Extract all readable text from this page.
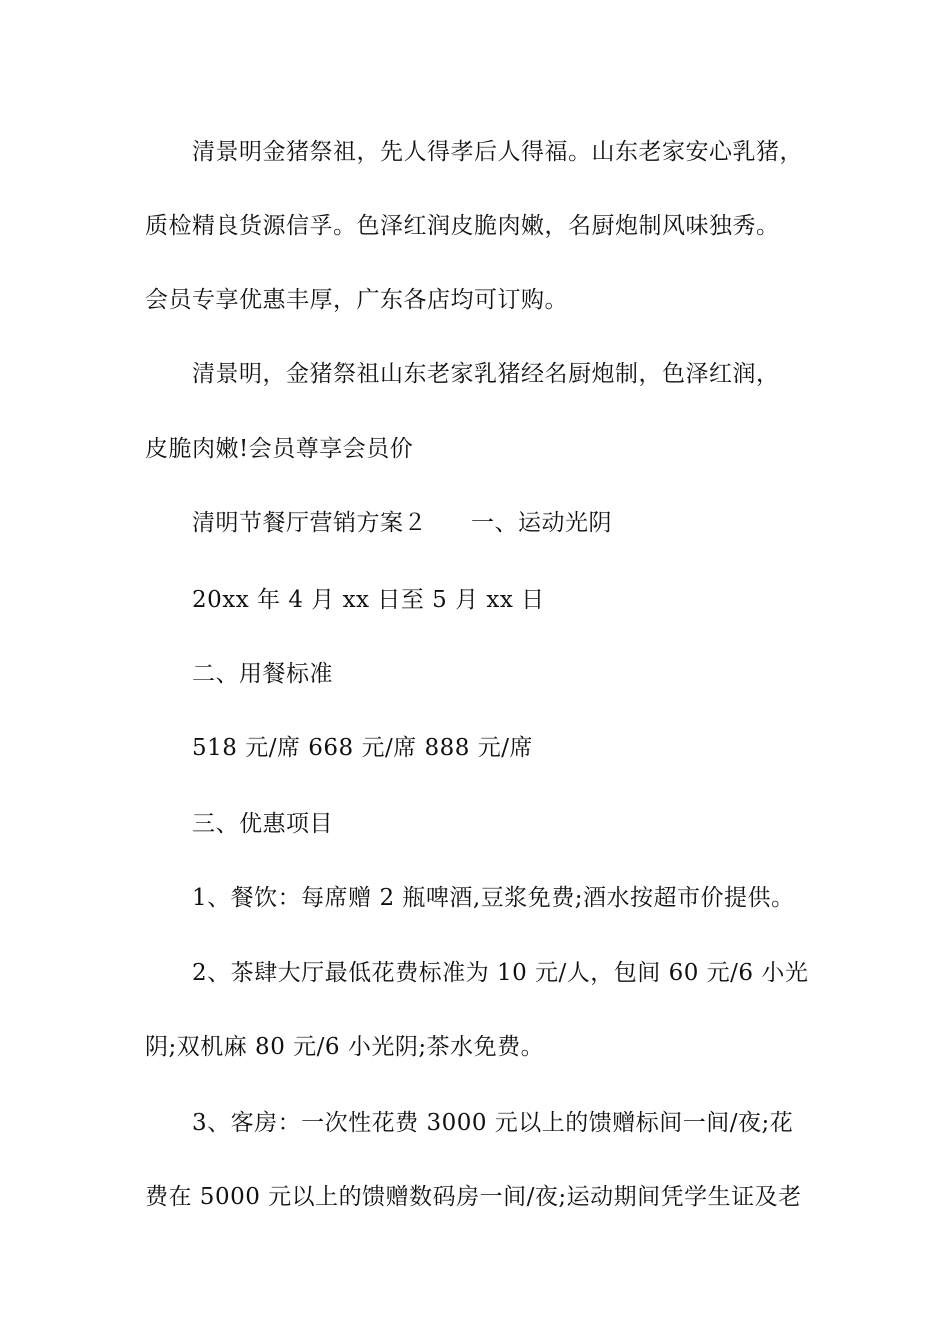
清景明金猪祭祖，先人得孝后人得福。山东老家安心乳猪，
质检精良货源信孚。色泽红润皮脆肉嫩，名厨炮制风味独秀。
会员专享优惠丰厚，广东各店均可订购。
清景明，金猪祭祖山东老家乳猪经名厨炮制，色泽红润，
皮脆肉嫩!会员尊享会员价
清明节餐厅营销方案２ 一、运动光阴
20xx 年 4 月 xx 日至 5 月 xx 日
二、用餐标准
518 元/席 668 元/席 888 元/席
三、优惠项目
1、餐饮：每席赠 2 瓶啤酒,豆浆免费;酒水按超市价提供。
2、茶肆大厅最低花费标准为 10 元/人，包间 60 元/6 小光
阴;双机麻 80 元/6 小光阴;茶水免费。
3、客房：一次性花费 3000 元以上的馈赠标间一间/夜;花
费在 5000 元以上的馈赠数码房一间/夜;运动期间凭学生证及老
